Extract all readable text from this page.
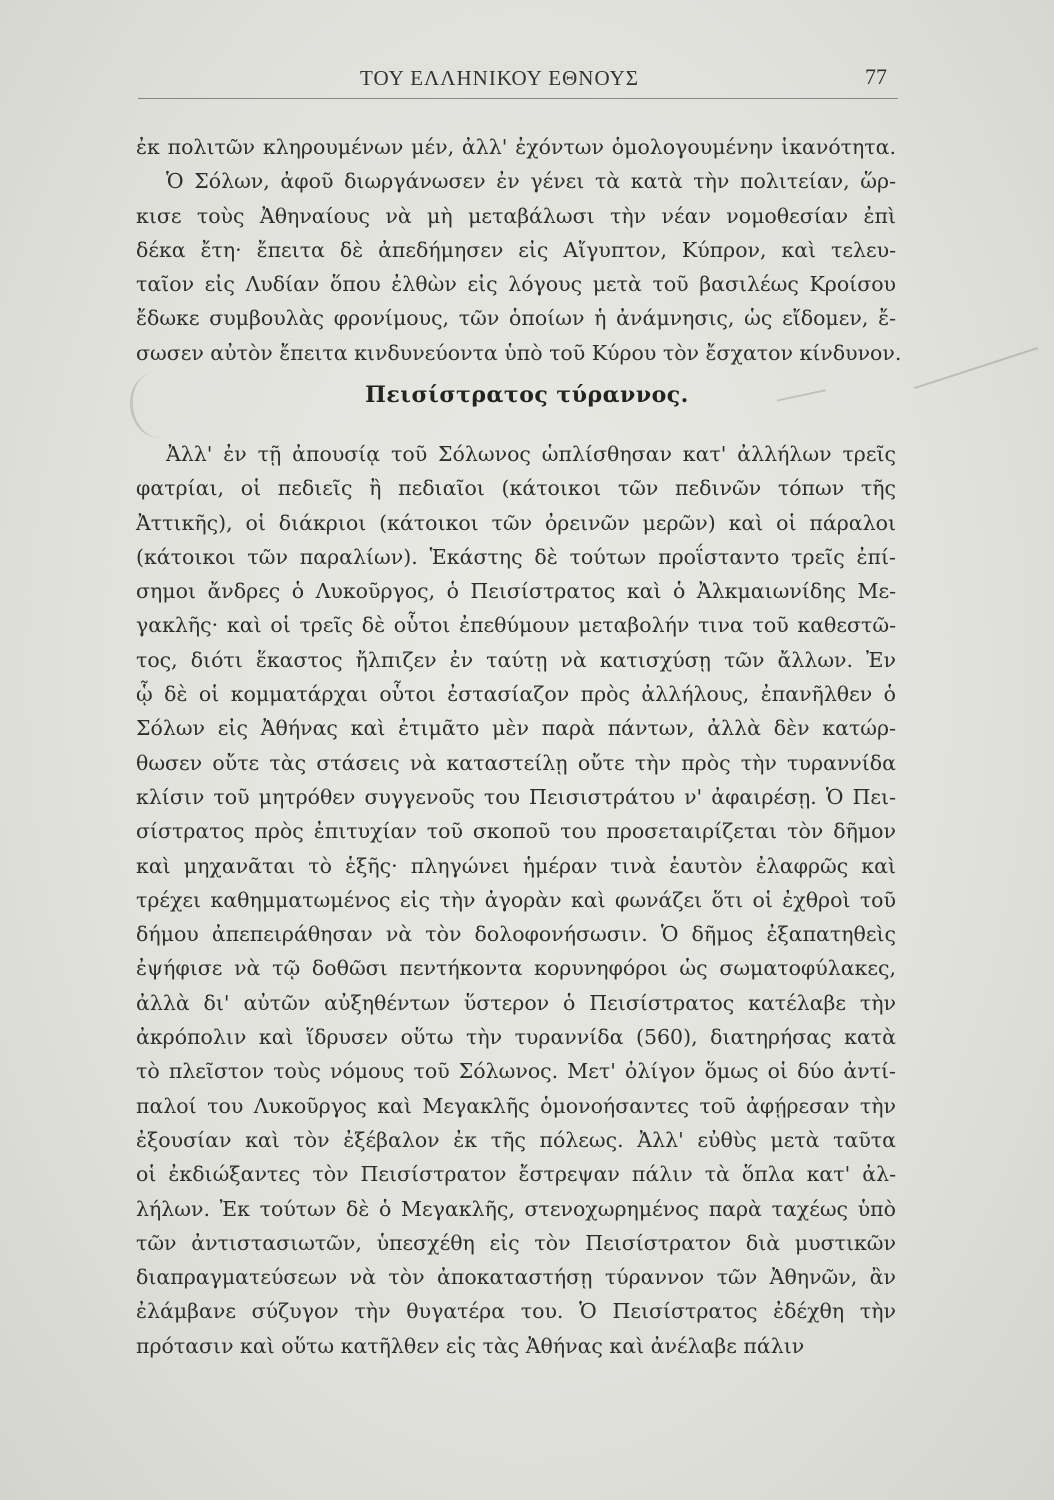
ΤΟΥ ΕΛΛΗΝΙΚΟΥ ΕΘΝΟΥΣ	77
ἐκ πολιτῶν κληρουμένων μέν, ἀλλ' ἐχόντων ὁμολογουμένην ἱκανότητα.
Ὁ Σόλων, ἀφοῦ διωργάνωσεν ἐν γένει τὰ κατὰ τὴν πολιτείαν, ὥρ-
κισε τοὺς Ἀθηναίους νὰ μὴ μεταβάλωσι τὴν νέαν νομοθεσίαν ἐπὶ
δέκα ἔτη· ἔπειτα δὲ ἀπεδήμησεν εἰς Αἴγυπτον, Κύπρον, καὶ τελευ-
ταῖον εἰς Λυδίαν ὅπου ἐλθὼν εἰς λόγους μετὰ τοῦ βασιλέως Κροίσου
ἔδωκε συμβουλὰς φρονίμους, τῶν ὁποίων ἡ ἀνάμνησις, ὡς εἴδομεν, ἔ-
σωσεν αὐτὸν ἔπειτα κινδυνεύοντα ὑπὸ τοῦ Κύρου τὸν ἔσχατον κίνδυνον.
Πεισίστρατος τύραννος.
Ἀλλ' ἐν τῇ ἀπουσίᾳ τοῦ Σόλωνος ὡπλίσθησαν κατ' ἀλλήλων τρεῖς
φατρίαι, οἱ πεδιεῖς ἢ πεδιαῖοι (κάτοικοι τῶν πεδινῶν τόπων τῆς
Ἀττικῆς), οἱ διάκριοι (κάτοικοι τῶν ὀρεινῶν μερῶν) καὶ οἱ πάραλοι
(κάτοικοι τῶν παραλίων). Ἑκάστης δὲ τούτων προΐσταντο τρεῖς ἐπί-
σημοι ἄνδρες ὁ Λυκοῦργος, ὁ Πεισίστρατος καὶ ὁ Ἀλκμαιωνίδης Με-
γακλῆς· καὶ οἱ τρεῖς δὲ οὗτοι ἐπεθύμουν μεταβολήν τινα τοῦ καθεστῶ-
τος, διότι ἕκαστος ἤλπιζεν ἐν ταύτῃ νὰ κατισχύσῃ τῶν ἄλλων. Ἐν
ᾧ δὲ οἱ κομματάρχαι οὗτοι ἐστασίαζον πρὸς ἀλλήλους, ἐπανῆλθεν ὁ
Σόλων εἰς Ἀθήνας καὶ ἐτιμᾶτο μὲν παρὰ πάντων, ἀλλὰ δὲν κατώρ-
θωσεν οὔτε τὰς στάσεις νὰ καταστείλῃ οὔτε τὴν πρὸς τὴν τυραννίδα
κλίσιν τοῦ μητρόθεν συγγενοῦς του Πεισιστράτου ν' ἀφαιρέσῃ. Ὁ Πει-
σίστρατος πρὸς ἐπιτυχίαν τοῦ σκοποῦ του προσεταιρίζεται τὸν δῆμον
καὶ μηχανᾶται τὸ ἑξῆς· πληγώνει ἡμέραν τινὰ ἑαυτὸν ἐλαφρῶς καὶ
τρέχει καθημματωμένος εἰς τὴν ἀγορὰν καὶ φωνάζει ὅτι οἱ ἐχθροὶ τοῦ
δήμου ἀπεπειράθησαν νὰ τὸν δολοφονήσωσιν. Ὁ δῆμος ἐξαπατηθεὶς
ἐψήφισε νὰ τῷ δοθῶσι πεντήκοντα κορυνηφόροι ὡς σωματοφύλακες,
ἀλλὰ δι' αὐτῶν αὐξηθέντων ὕστερον ὁ Πεισίστρατος κατέλαβε τὴν
ἀκρόπολιν καὶ ἵδρυσεν οὕτω τὴν τυραννίδα (560), διατηρήσας κατὰ
τὸ πλεῖστον τοὺς νόμους τοῦ Σόλωνος. Μετ' ὀλίγον ὅμως οἱ δύο ἀντί-
παλοί του Λυκοῦργος καὶ Μεγακλῆς ὁμονοήσαντες τοῦ ἀφῄρεσαν τὴν
ἐξουσίαν καὶ τὸν ἐξέβαλον ἐκ τῆς πόλεως. Ἀλλ' εὐθὺς μετὰ ταῦτα
οἱ ἐκδιώξαντες τὸν Πεισίστρατον ἔστρεψαν πάλιν τὰ ὅπλα κατ' ἀλ-
λήλων. Ἐκ τούτων δὲ ὁ Μεγακλῆς, στενοχωρημένος παρὰ ταχέως ὑπὸ
τῶν ἀντιστασιωτῶν, ὑπεσχέθη εἰς τὸν Πεισίστρατον διὰ μυστικῶν
διαπραγματεύσεων νὰ τὸν ἀποκαταστήσῃ τύραννον τῶν Ἀθηνῶν, ἂν
ἐλάμβανε σύζυγον τὴν θυγατέρα του. Ὁ Πεισίστρατος ἐδέχθη τὴν
πρότασιν καὶ οὕτω κατῆλθεν εἰς τὰς Ἀθήνας καὶ ἀνέλαβε πάλιν
